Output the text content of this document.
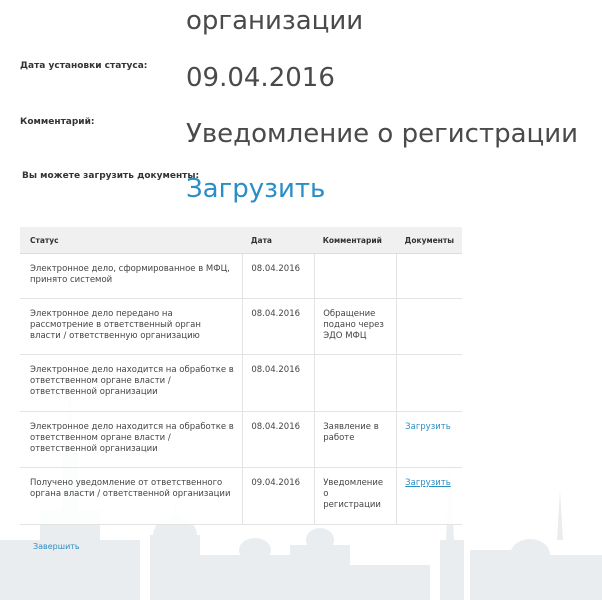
организации
Дата установки статуса: 09.04.2016
Комментарий:	Уведомление о регистрации
Вы можете загрузить документы:
Загрузить
Статус	Дата	Комментарий	Документы
Электронное дело, сформированное в МФЦ, принято системой	08.04.2016		
Электронное дело передано на рассмотрение в ответственный орган власти / ответственную организацию	08.04.2016	Обращение подано через ЭДО МФЦ	
Электронное дело находится на обработке в ответственном органе власти / ответственной организации	08.04.2016		
Электронное дело находится на обработке в ответственном органе власти / ответственной организации	08.04.2016	Заявление в работе	Загрузить
Получено уведомление от ответственного органа власти / ответственной организации	09.04.2016	Уведомление о регистрации	Загрузить
Завершить
